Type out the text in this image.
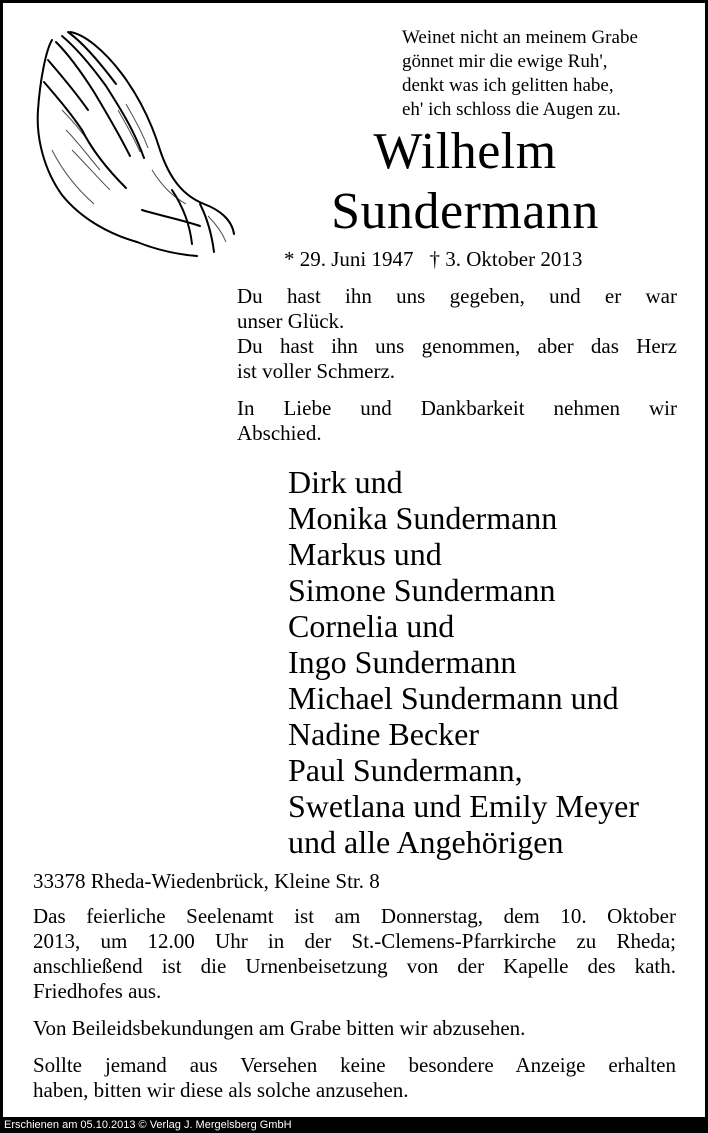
Weinet nicht an meinem Grabe
gönnet mir die ewige Ruh',
denkt was ich gelitten habe,
eh' ich schloss die Augen zu.
Wilhelm
Sundermann
* 29. Juni 1947 † 3. Oktober 2013
Du hast ihn uns gegeben, und er war
unser Glück.
Du hast ihn uns genommen, aber das Herz
ist voller Schmerz.
In Liebe und Dankbarkeit nehmen wir
Abschied.
Dirk und
Monika Sundermann
Markus und
Simone Sundermann
Cornelia und
Ingo Sundermann
Michael Sundermann und
Nadine Becker
Paul Sundermann,
Swetlana und Emily Meyer
und alle Angehörigen
33378 Rheda-Wiedenbrück, Kleine Str. 8
Das feierliche Seelenamt ist am Donnerstag, dem 10. Oktober
2013, um 12.00 Uhr in der St.-Clemens-Pfarrkirche zu Rheda;
anschließend ist die Urnenbeisetzung von der Kapelle des kath.
Friedhofes aus.
Von Beileidsbekundungen am Grabe bitten wir abzusehen.
Sollte jemand aus Versehen keine besondere Anzeige erhalten
haben, bitten wir diese als solche anzusehen.
Erschienen am 05.10.2013 © Verlag J. Mergelsberg GmbH
